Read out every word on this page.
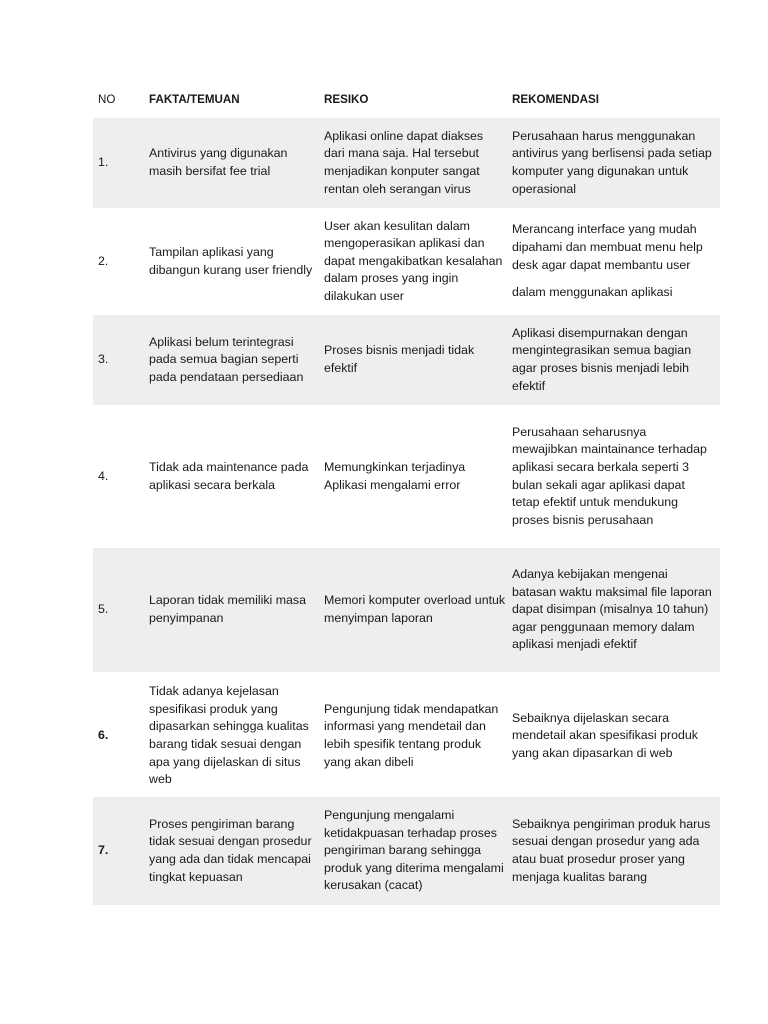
NO	FAKTA/TEMUAN	RESIKO	REKOMENDASI
1.	Antivirus yang digunakan masih bersifat fee trial	Aplikasi online dapat diakses dari mana saja. Hal tersebut menjadikan konputer sangat rentan oleh serangan virus	Perusahaan harus menggunakan antivirus yang berlisensi pada setiap komputer yang digunakan untuk operasional
2.	Tampilan aplikasi yang dibangun kurang user friendly	User akan kesulitan dalam mengoperasikan aplikasi dan dapat mengakibatkan kesalahan dalam proses yang ingin dilakukan user	Merancang interface yang mudah dipahami dan membuat menu help desk agar dapat membantu user
dalam menggunakan aplikasi

3.	Aplikasi belum terintegrasi pada semua bagian seperti pada pendataan persediaan	Proses bisnis menjadi tidak efektif	Aplikasi disempurnakan dengan mengintegrasikan semua bagian agar proses bisnis menjadi lebih efektif
4.	Tidak ada maintenance pada aplikasi secara berkala	Memungkinkan terjadinya Aplikasi mengalami error	Perusahaan seharusnya mewajibkan maintainance terhadap aplikasi secara berkala seperti 3 bulan sekali agar aplikasi dapat tetap efektif untuk mendukung proses bisnis perusahaan
5.	Laporan tidak memiliki masa penyimpanan	Memori komputer overload untuk menyimpan laporan	Adanya kebijakan mengenai batasan waktu maksimal file laporan dapat disimpan (misalnya 10 tahun) agar penggunaan memory dalam aplikasi menjadi efektif

6.	Tidak adanya kejelasan spesifikasi produk yang dipasarkan sehingga kualitas barang tidak sesuai dengan apa yang dijelaskan di situs web	Pengunjung tidak mendapatkan informasi yang mendetail dan lebih spesifik tentang produk yang akan dibeli	Sebaiknya dijelaskan secara mendetail akan spesifikasi produk yang akan dipasarkan di web
7.	Proses pengiriman barang tidak sesuai dengan prosedur yang ada dan tidak mencapai tingkat kepuasan	Pengunjung mengalami ketidakpuasan terhadap proses pengiriman barang sehingga produk yang diterima mengalami kerusakan (cacat)	Sebaiknya pengiriman produk harus sesuai dengan prosedur yang ada atau buat prosedur proser yang menjaga kualitas barang
